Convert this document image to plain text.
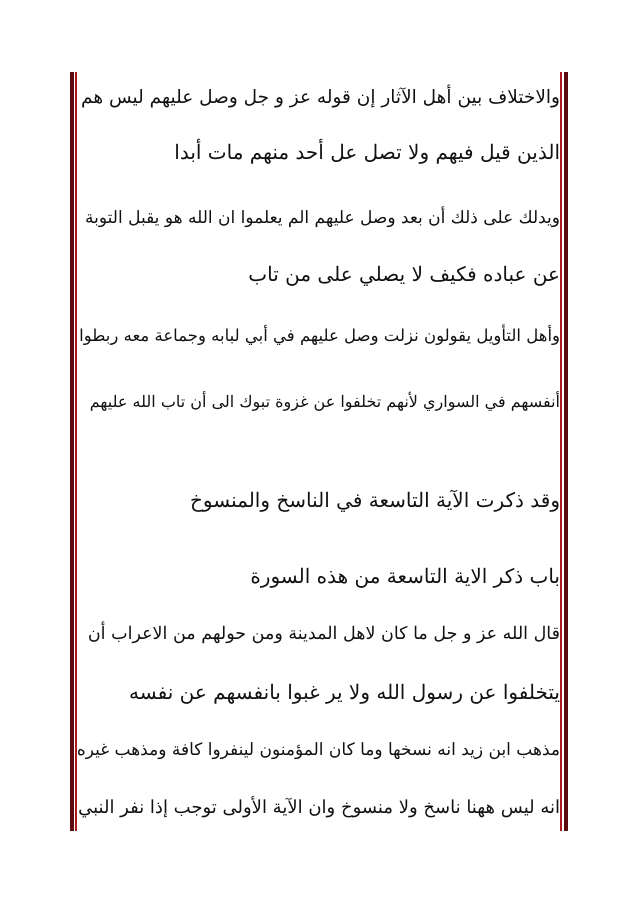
والاختلاف بين أهل الآثار إن قوله عز و جل وصل عليهم ليس هم
الذين قيل فيهم ولا تصل عل أحد منهم مات أبدا
ويدلك على ذلك أن بعد وصل عليهم الم يعلموا ان الله هو يقبل التوبة
عن عباده فكيف لا يصلي على من تاب
وأهل التأويل يقولون نزلت وصل عليهم في أبي لبابه وجماعة معه ربطوا
أنفسهم في السواري لأنهم تخلفوا عن غزوة تبوك الى أن تاب الله عليهم
وقد ذكرت الآية التاسعة في الناسخ والمنسوخ
باب ذكر الاية التاسعة من هذه السورة
قال الله عز و جل ما كان لاهل المدينة ومن حولهم من الاعراب أن
يتخلفوا عن رسول الله ولا ير غبوا بانفسهم عن نفسه
مذهب ابن زيد انه نسخها وما كان المؤمنون لينفروا كافة ومذهب غيره
انه ليس ههنا ناسخ ولا منسوخ وان الآية الأولى توجب إذا نفر النبي
